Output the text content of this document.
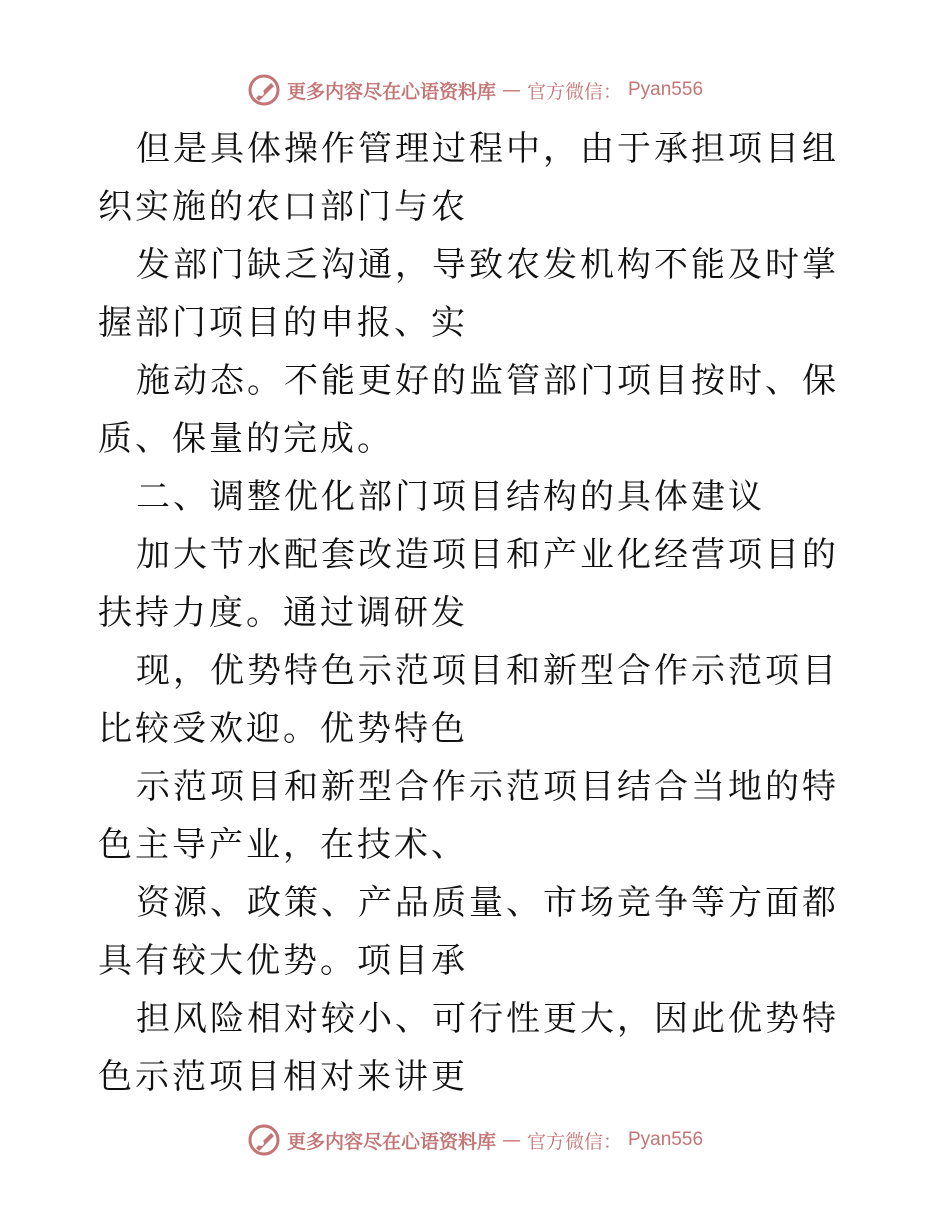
更多内容尽在心语资料库 — 官方微信： Pyan556

但是具体操作管理过程中，由于承担项目组织实施的农口部门与农

发部门缺乏沟通，导致农发机构不能及时掌握部门项目的申报、实

施动态。不能更好的监管部门项目按时、保质、保量的完成。

二、调整优化部门项目结构的具体建议

加大节水配套改造项目和产业化经营项目的扶持力度。通过调研发

现，优势特色示范项目和新型合作示范项目比较受欢迎。优势特色

示范项目和新型合作示范项目结合当地的特色主导产业，在技术、

资源、政策、产品质量、市场竞争等方面都具有较大优势。项目承

担风险相对较小、可行性更大，因此优势特色示范项目相对来讲更

更多内容尽在心语资料库 — 官方微信： Pyan556
